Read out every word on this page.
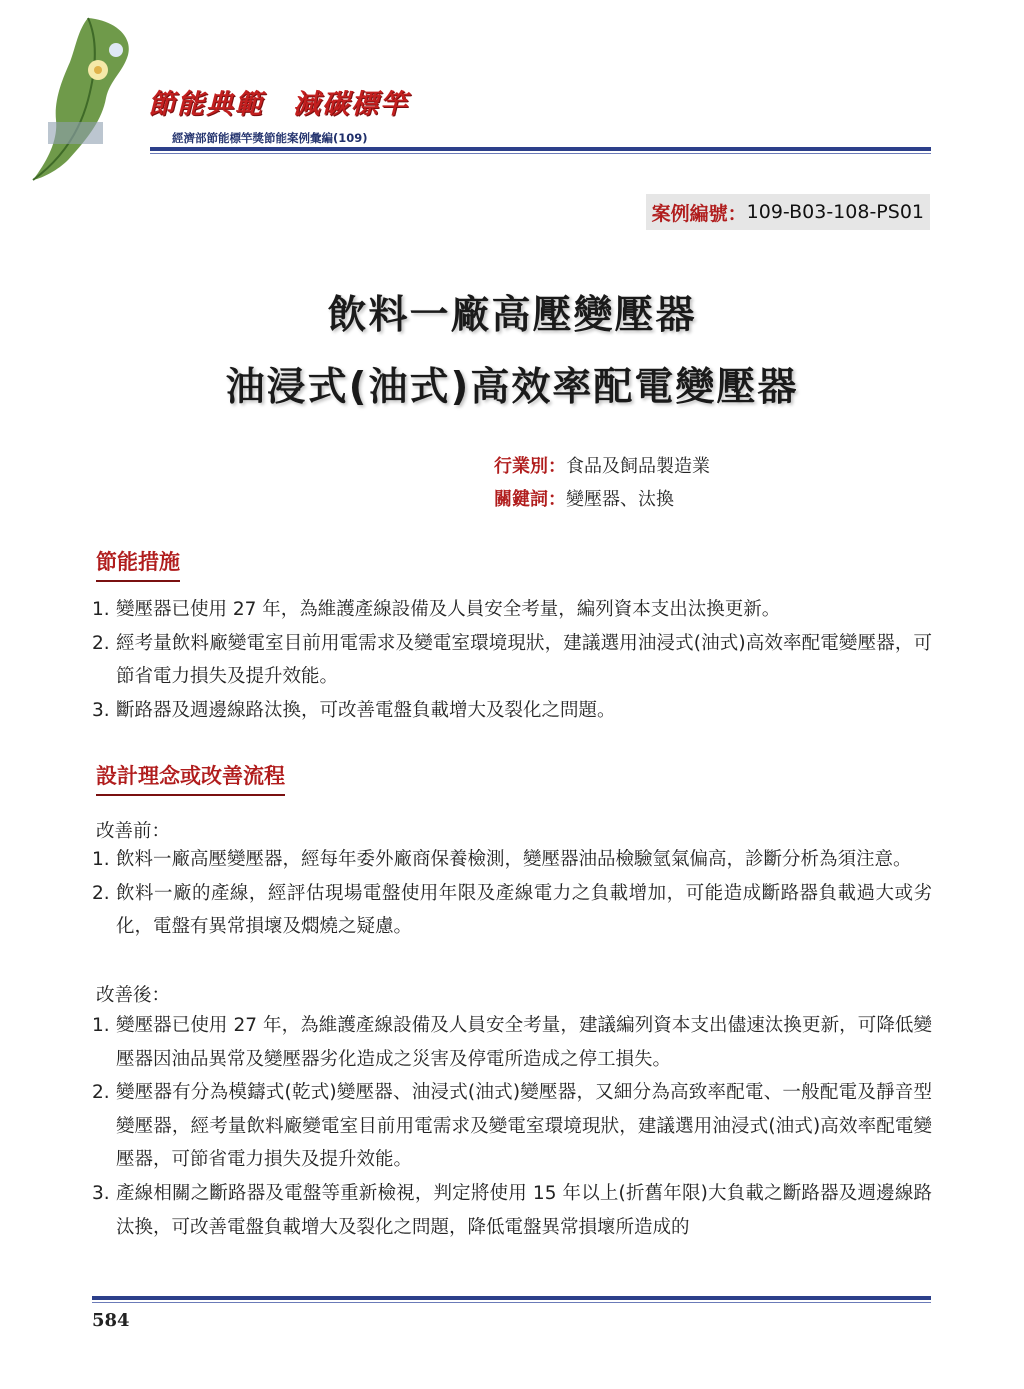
節能典範　減碳標竿
經濟部節能標竿獎節能案例彙編(109)
案例編號： 109-B03-108-PS01
飲料一廠高壓變壓器
油浸式(油式)高效率配電變壓器
行業別：食品及飼品製造業
關鍵詞：變壓器、汰換
節能措施
1. 變壓器已使用 27 年，為維護產線設備及人員安全考量，編列資本支出汰換更新。
2. 經考量飲料廠變電室目前用電需求及變電室環境現狀，建議選用油浸式(油式)高效率配電變壓器，可節省電力損失及提升效能。
3. 斷路器及週邊線路汰換，可改善電盤負載增大及裂化之問題。
設計理念或改善流程
改善前：
1. 飲料一廠高壓變壓器，經每年委外廠商保養檢測，變壓器油品檢驗氫氣偏高，診斷分析為須注意。
2. 飲料一廠的產線，經評估現場電盤使用年限及產線電力之負載增加，可能造成斷路器負載過大或劣化，電盤有異常損壞及燜燒之疑慮。
改善後：
1. 變壓器已使用 27 年，為維護產線設備及人員安全考量，建議編列資本支出儘速汰換更新，可降低變壓器因油品異常及變壓器劣化造成之災害及停電所造成之停工損失。
2. 變壓器有分為模鑄式(乾式)變壓器、油浸式(油式)變壓器，又細分為高致率配電、一般配電及靜音型變壓器，經考量飲料廠變電室目前用電需求及變電室環境現狀，建議選用油浸式(油式)高效率配電變壓器，可節省電力損失及提升效能。
3. 產線相關之斷路器及電盤等重新檢視，判定將使用 15 年以上(折舊年限)大負載之斷路器及週邊線路汰換，可改善電盤負載增大及裂化之問題，降低電盤異常損壞所造成的
584
